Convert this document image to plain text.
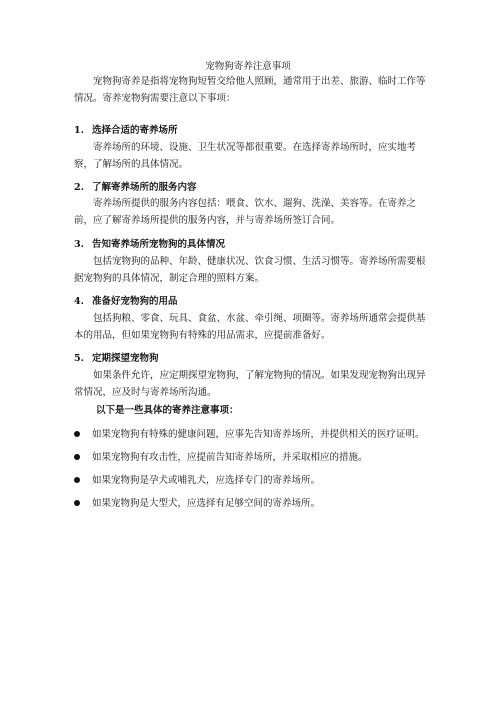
宠物狗寄养注意事项

宠物狗寄养是指将宠物狗短暂交给他人照顾，通常用于出差、旅游、临时工作等情况。寄养宠物狗需要注意以下事项：

1. 选择合适的寄养场所

寄养场所的环境、设施、卫生状况等都很重要。在选择寄养场所时，应实地考察，了解场所的具体情况。

2. 了解寄养场所的服务内容

寄养场所提供的服务内容包括：喂食、饮水、遛狗、洗澡、美容等。在寄养之前，应了解寄养场所提供的服务内容，并与寄养场所签订合同。

3. 告知寄养场所宠物狗的具体情况

包括宠物狗的品种、年龄、健康状况、饮食习惯、生活习惯等。寄养场所需要根据宠物狗的具体情况，制定合理的照料方案。

4. 准备好宠物狗的用品

包括狗粮、零食、玩具、食盆、水盆、牵引绳、项圈等。寄养场所通常会提供基本的用品，但如果宠物狗有特殊的用品需求，应提前准备好。

5. 定期探望宠物狗

如果条件允许，应定期探望宠物狗，了解宠物狗的情况。如果发现宠物狗出现异常情况，应及时与寄养场所沟通。

以下是一些具体的寄养注意事项：

如果宠物狗有特殊的健康问题，应事先告知寄养场所，并提供相关的医疗证明。
如果宠物狗有攻击性，应提前告知寄养场所，并采取相应的措施。
如果宠物狗是孕犬或哺乳犬，应选择专门的寄养场所。
如果宠物狗是大型犬，应选择有足够空间的寄养场所。
